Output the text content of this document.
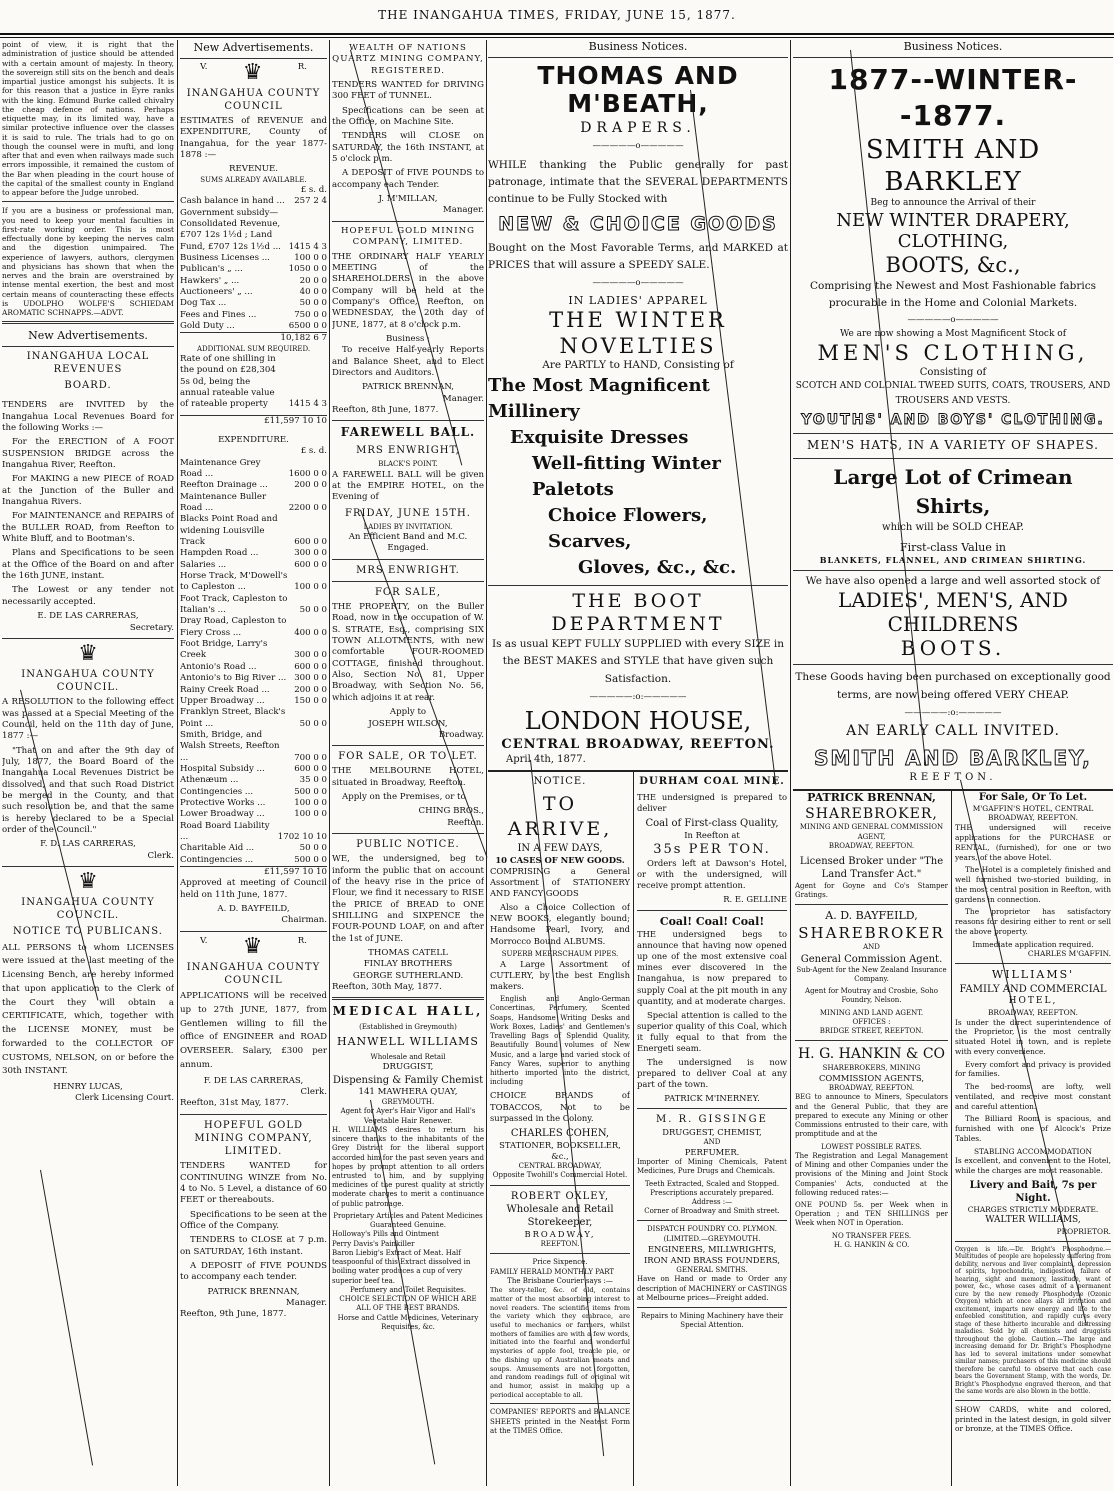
THE INANGAHUA TIMES, FRIDAY, JUNE 15, 1877.

point of view, it is right that the administration of justice should be attended with a certain amount of majesty. In theory, the sovereign still sits on the bench and deals impartial justice amongst his subjects. It is for this reason that a justice in Eyre ranks with the king. Edmund Burke called chivalry the cheap defence of nations. Perhaps etiquette may, in its limited way, have a similar protective influence over the classes it is said to rule. The trials had to go on though the counsel were in mufti, and long after that and even when railways made such errors impossible, it remained the custom of the Bar when pleading in the court house of the capital of the smallest county in England to appear before the Judge unrobed.

If you are a business or professional man, you need to keep your mental faculties in first-rate working order. This is most effectually done by keeping the nerves calm and the digestion unimpaired. The experience of lawyers, authors, clergymen and physicians has shown that when the nerves and the brain are overstrained by intense mental exertion, the best and most certain means of counteracting these effects is UDOLPHO WOLFE'S SCHIEDAM AROMATIC SCHNAPPS.—ADVT.

New Advertisements.
INANGAHUA LOCAL REVENUES
BOARD.

TENDERS are INVITED by the Inangahua Local Revenues Board for the following Works :—

For the ERECTION of A FOOT SUSPENSION BRIDGE across the Inangahua River, Reefton.

For MAKING a new PIECE of ROAD at the Junction of the Buller and Inangahua Rivers.

For MAINTENANCE and REPAIRS of the BULLER ROAD, from Reefton to White Bluff, and to Bootman's.

Plans and Specifications to be seen at the Office of the Board on and after the 16th JUNE, instant.

The Lowest or any tender not necessarily accepted.

E. DE LAS CARRERAS,
Secretary.
♛
INANGAHUA COUNTY COUNCIL.

A RESOLUTION to the following effect was passed at a Special Meeting of the Council, held on the 11th day of June, 1877 :—

"That on and after the 9th day of July, 1877, the Board Board of the Inangahua Local Revenues District be dissolved, and that such Road District be merged in the County, and that such resolution be, and that the same is hereby declared to be a Special order of the Council."

F. D. LAS CARRERAS,
Clerk.
♛
INANGAHUA COUNTY COUNCIL.
NOTICE TO PUBLICANS.

ALL PERSONS to whom LICENSES were issued at the last meeting of the Licensing Bench, are hereby informed that upon application to the Clerk of the Court they will obtain a CERTIFICATE, which, together with the LICENSE MONEY, must be forwarded to the COLLECTOR OF CUSTOMS, NELSON, on or before the 30th INSTANT.

HENRY LUCAS,
Clerk Licensing Court.
New Advertisements.
V. ♛	R.
INANGAHUA COUNTY COUNCIL

ESTIMATES of REVENUE and EXPENDITURE, County of Inangahua, for the year 1877-1878 :—

REVENUE.
SUMS ALREADY AVAILABLE.
£ s. d.
Cash balance in hand ...	257 2 4
Government subsidy—Consolidated Revenue, £707 12s 1½d ; Land Fund, £707 12s 1½d ... 1415 4 3
Business Licenses ...	100 0 0
Publican's „ ...	1050 0 0
Hawkers' „ ...	20 0 0
Auctioneers' „ ...	40 0 0
Dog Tax ...	50 0 0
Fees and Fines ...	750 0 0
Gold Duty ...	6500 0 0
10,182 6 7
ADDITIONAL SUM REQUIRED.
Rate of one shilling in the pound on £28,304 5s 0d, being the annual rateable value of rateable property	1415 4 3
£11,597 10 10
EXPENDITURE.
£ s. d.
Maintenance Grey Road ...	1600 0 0
Reefton Drainage ...	200 0 0
Maintenance Buller Road ...	2200 0 0
Blacks Point Road and widening Louisville Track	600 0 0
Hampden Road ...	300 0 0
Salaries ...	600 0 0
Horse Track, M'Dowell's to Capleston ...	100 0 0
Foot Track, Capleston to Italian's ...	50 0 0
Dray Road, Capleston to Fiery Cross ...	400 0 0
Foot Bridge, Larry's Creek	300 0 0
Antonio's Road ...	600 0 0
Antonio's to Big River ... 300 0 0
Rainy Creek Road ...	200 0 0
Upper Broadway ...	150 0 0
Franklyn Street, Black's Point ...	50 0 0
Smith, Bridge, and Walsh Streets, Reefton ...	700 0 0
Hospital Subsidy ...	600 0 0
Athenæum ...	35 0 0
Contingencies ...	500 0 0
Protective Works ...	100 0 0
Lower Broadway ...	100 0 0
Road Board Liability ...	1702 10 10
Charitable Aid ...	50 0 0
Contingencies ...	500 0 0
£11,597 10 10

Approved at meeting of Council held on 11th June, 1877.

A. D. BAYFEILD,
Chairman.
V. ♛	R.
INANGAHUA COUNTY COUNCIL

APPLICATIONS will be received up to 27th JUNE, 1877, from Gentlemen willing to fill the office of ENGINEER and ROAD OVERSEER. Salary, £300 per annum.

F. DE LAS CARRERAS,
Clerk.
Reefton, 31st May, 1877.
HOPEFUL GOLD MINING COMPANY, LIMITED.

TENDERS WANTED for CONTINUING WINZE from No. 4 to No. 5 Level, a distance of 60 FEET or thereabouts.

Specifications to be seen at the Office of the Company.

TENDERS to CLOSE at 7 p.m. on SATURDAY, 16th instant.

A DEPOSIT of FIVE POUNDS to accompany each tender.

PATRICK BRENNAN,
Manager.
Reefton, 9th June, 1877.
WEALTH OF NATIONS QUARTZ MINING COMPANY, REGISTERED.

TENDERS WANTED for DRIVING 300 FEET of TUNNEL.

Specifications can be seen at the Office, on Machine Site.

TENDERS will CLOSE on SATURDAY, the 16th INSTANT, at 5 o'clock p.m.

A DEPOSIT of FIVE POUNDS to accompany each Tender.

J. M'MILLAN,
Manager.
HOPEFUL GOLD MINING COMPANY, LIMITED.

THE ORDINARY HALF YEARLY MEETING of the SHAREHOLDERS in the above Company will be held at the Company's Office, Reefton, on WEDNESDAY, the 20th day of JUNE, 1877, at 8 o'clock p.m.

Business :

To receive Half-yearly Reports and Balance Sheet, and to Elect Directors and Auditors.

PATRICK BRENNAN,
Manager.
Reefton, 8th June, 1877.
FAREWELL BALL.
MRS ENWRIGHT,
BLACK'S POINT.

A FAREWELL BALL will be given at the EMPIRE HOTEL, on the Evening of

FRIDAY, JUNE 15TH.
LADIES BY INVITATION.
An Efficient Band and M.C. Engaged.
MRS ENWRIGHT.
FOR SALE,

THE PROPERTY, on the Buller Road, now in the occupation of W. S. STRATE, Esq., comprising SIX TOWN ALLOTMENTS, with new comfortable FOUR-ROOMED COTTAGE, finished throughout. Also, Section No. 81, Upper Broadway, with Section No. 56, which adjoins it at rear.

Apply to
JOSEPH WILSON,
Broadway.
FOR SALE, OR TO LET.

THE MELBOURNE HOTEL, situated in Broadway, Reefton.

Apply on the Premises, or to

CHING BROS.,
Reefton.
PUBLIC NOTICE.

WE, the undersigned, beg to inform the public that on account of the heavy rise in the price of Flour, we find it necessary to RISE the PRICE of BREAD to ONE SHILLING and SIXPENCE the FOUR-POUND LOAF, on and after the 1st of JUNE.

THOMAS CATELL
FINLAY BROTHERS
GEORGE SUTHERLAND.
Reefton, 30th May, 1877.
MEDICAL HALL,
(Established in Greymouth)
HANWELL WILLIAMS
Wholesale and Retail
DRUGGIST,
Dispensing & Family Chemist
141 MAWHERA QUAY,
GREYMOUTH.
Agent for Ayer's Hair Vigor and Hall's Vegetable Hair Renewer.

H. WILLIAMS desires to return his sincere thanks to the inhabitants of the Grey District for the liberal support accorded him for the past seven years and hopes by prompt attention to all orders entrusted to him, and by supplying medicines of the purest quality at strictly moderate charges to merit a continuance of public patronage.

Proprietary Articles and Patent Medicines Guaranteed Genuine.
Holloway's Pills and Ointment
Perry Davis's Painkiller
Baron Liebig's Extract of Meat. Half teaspoonful of this Extract dissolved in boiling water produces a cup of very superior beef tea.
Perfumery and Toilet Requisites.
CHOICE SELECTION OF WHICH ARE ALL OF THE BEST BRANDS.
Horse and Cattle Medicines, Veterinary Requisites, &c.
Business Notices.
THOMAS AND M'BEATH,
DRAPERS.
—————o—————

WHILE thanking the Public generally for past patronage, intimate that the SEVERAL DEPARTMENTS continue to be Fully Stocked with

NEW & CHOICE GOODS

Bought on the Most Favorable Terms, and MARKED at PRICES that will assure a SPEEDY SALE.

—————o—————
IN LADIES' APPAREL
THE WINTER NOVELTIES
Are PARTLY to HAND, Consisting of
The Most Magnificent Millinery
Exquisite Dresses
Well-fitting Winter Paletots
Choice Flowers, Scarves,
Gloves, &c., &c.
THE BOOT DEPARTMENT

Is as usual KEPT FULLY SUPPLIED with every SIZE in the BEST MAKES and STYLE that have given such Satisfaction.

—————:o:—————
LONDON HOUSE,
CENTRAL BROADWAY, REEFTON.
April 4th, 1877.
NOTICE.
TO ARRIVE,
IN A FEW DAYS,
10 CASES OF NEW GOODS.

COMPRISING a General Assortment of STATIONERY AND FANCY GOODS

Also a Choice Collection of NEW BOOKS, elegantly bound; Handsome Pearl, Ivory, and Morrocco Bound ALBUMS.

SUPERB MEERSCHAUM PIPES.

A Large Assortment of CUTLERY, by the best English makers.

English and Anglo-German Concertinas, Perfumery, Scented Soaps, Handsome Writing Desks and Work Boxes, Ladies' and Gentlemen's Travelling Bags of Splendid Quality, Beautifully Bound volumes of New Music, and a large and varied stock of Fancy Wares, superior to anything hitherto imported into the district, including

CHOICE BRANDS of TOBACCOS, Not to be surpassed in the Colony.

CHARLES COHEN,
STATIONER, BOOKSELLER, &c.,
CENTRAL BROADWAY,
Opposite Twohill's Commercial Hotel.
ROBERT OXLEY,
Wholesale and Retail
Storekeeper,
BROADWAY,
REEFTON.
Price Sixpence.
FAMILY HERALD MONTHLY PART
The Brisbane Courier says :—

The story-teller, &c. of old, contains matter of the most absorbing interest to novel readers. The scientific items from the variety which they embrace, are useful to mechanics or farmers, whilst mothers of families are with a few words, initiated into the fearful and wonderful mysteries of apple fool, treacle pie, or the dishing up of Australian meats and soups. Amusements are not forgotten, and random readings full of original wit and humor, assist in making up a periodical acceptable to all.

COMPANIES' REPORTS and BALANCE SHEETS printed in the Neatest Form at the TIMES Office.

DURHAM COAL MINE.

THE undersigned is prepared to deliver

Coal of First-class Quality,
In Reefton at
35s PER TON.

Orders left at Dawson's Hotel, or with the undersigned, will receive prompt attention.

R. E. GELLINE
Coal! Coal! Coal!

THE undersigned begs to announce that having now opened up one of the most extensive coal mines ever discovered in the Inangahua, is now prepared to supply Coal at the pit mouth in any quantity, and at moderate charges.

Special attention is called to the superior quality of this Coal, which it fully equal to that from the Energeti seam.

The undersigned is now prepared to deliver Coal at any part of the town.

PATRICK M'INERNEY.
M. R. GISSINGE
DRUGGEST, CHEMIST,
AND
PERFUMER.

Importer of Mining Chemicals, Patent Medicines, Pure Drugs and Chemicals.

Teeth Extracted, Scaled and Stopped.
Prescriptions accurately prepared.
Address :—
Corner of Broadway and Smith street.
DISPATCH FOUNDRY CO. PLYMON.
(LIMITED.—GREYMOUTH.
ENGINEERS, MILLWRIGHTS, IRON AND BRASS FOUNDERS,
GENERAL SMITHS.

Have on Hand or made to Order any description of MACHINERY or CASTINGS at Melbourne prices—Freight added.

Repairs to Mining Machinery have their Special Attention.

Business Notices.
1877--WINTER--1877.
SMITH AND BARKLEY
Beg to announce the Arrival of their
NEW WINTER DRAPERY, CLOTHING,
BOOTS, &c.,

Comprising the Newest and Most Fashionable fabrics procurable in the Home and Colonial Markets.

—————o—————
We are now showing a Most Magnificent Stock of
MEN'S CLOTHING,
Consisting of
SCOTCH AND COLONIAL TWEED SUITS, COATS, TROUSERS, AND TROUSERS AND VESTS.
YOUTHS' AND BOYS' CLOTHING.
MEN'S HATS, IN A VARIETY OF SHAPES.
Large Lot of Crimean Shirts,
which will be SOLD CHEAP.
First-class Value in
BLANKETS, FLANNEL, AND CRIMEAN SHIRTING.
We have also opened a large and well assorted stock of
LADIES', MEN'S, AND CHILDRENS
BOOTS.

These Goods having been purchased on exceptionally good terms, are now being offered VERY CHEAP.

—————:o:—————
AN EARLY CALL INVITED.
SMITH AND BARKLEY,
REEFTON.
PATRICK BRENNAN,
SHAREBROKER,
MINING AND GENERAL COMMISSION AGENT,
BROADWAY, REEFTON.
Licensed Broker under "The Land Transfer Act."

Agent for Goyne and Co's Stamper Gratings.

A. D. BAYFEILD,
SHAREBROKER
AND
General Commission Agent.

Sub-Agent for the New Zealand Insurance Company.

Agent for Moutray and Crosbie, Soho Foundry, Nelson.

MINING AND LAND AGENT.
OFFICES :
BRIDGE STREET, REEFTON.
H. G. HANKIN & CO
SHAREBROKERS, MINING
COMMISSION AGENTS,
BROADWAY, REEFTON.

BEG to announce to Miners, Speculators and the General Public, that they are prepared to execute any Mining or other Commissions entrusted to their care, with promptitude and at the

LOWEST POSSIBLE RATES.

The Registration and Legal Management of Mining and other Companies under the provisions of the Mining and Joint Stock Companies' Acts, conducted at the following reduced rates:—

ONE POUND 5s. per Week when in Operation ; and TEN SHILLINGS per Week when NOT in Operation.

NO TRANSFER FEES.
H. G. HANKIN & CO.
For Sale, Or To Let.
M'GAFFIN'S HOTEL, CENTRAL BROADWAY, REEFTON.

THE undersigned will receive applications for the PURCHASE or RENTAL, (furnished), for one or two years, of the above Hotel.

The Hotel is a completely finished and well furnished two-storied building, in the most central position in Reefton, with gardens in connection.

The proprietor has satisfactory reasons for desiring either to rent or sell the above property.

Immediate application required.
CHARLES M'GAFFIN.
WILLIAMS'
FAMILY AND COMMERCIAL
HOTEL,
BROADWAY, REEFTON.

Is under the direct superintendence of the Proprietor, is the most centrally situated Hotel in town, and is replete with every convenience.

Every comfort and privacy is provided for families.

The bed-rooms are lofty, well ventilated, and receive most constant and careful attention.

The Billiard Room is spacious, and furnished with one of Alcock's Prize Tables.

STABLING ACCOMMODATION

Is excellent, and convenient to the Hotel, while the charges are most reasonable.

Livery and Bait, 7s per Night.
CHARGES STRICTLY MODERATE.
WALTER WILLIAMS,
PROPRIETOR.

Oxygen is life.—Dr. Bright's Phosphodyne.—Multitudes of people are hopelessly suffering from debility, nervous and liver complaints, depression of spirits, hypochondria, indigestion, failure of hearing, sight and memory, lassitude, want of power, &c., whose cases admit of a permanent cure by the new remedy Phosphodyne (Ozonic Oxygen) which at once allays all irritation and excitement, imparts new energy and life to the enfeebled constitution, and rapidly cures every stage of these hitherto incurable and distressing maladies. Sold by all chemists and druggists throughout the globe. Caution.—The large and increasing demand for Dr. Bright's Phosphodyne has led to several imitations under somewhat similar names; purchasers of this medicine should therefore be careful to observe that each case bears the Government Stamp, with the words, Dr. Bright's Phosphodyne engraved thereon, and that the same words are also blown in the bottle.

SHOW CARDS, white and colored, printed in the latest design, in gold silver or bronze, at the TIMES Office.
